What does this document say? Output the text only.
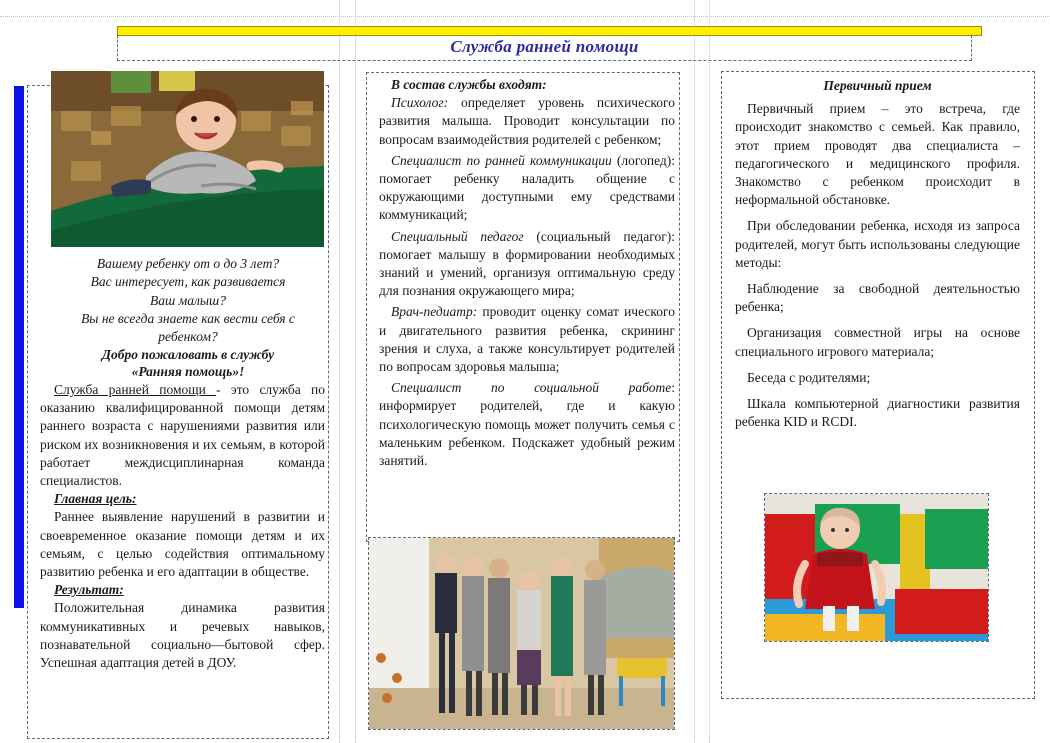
Служба ранней помощи
Вашему ребенку от о до 3 лет?
Вас интересует, как развивается
Ваш малыш?
Вы не всегда знаете как вести себя с
ребенком?
Добро пожаловать в службу
«Ранняя помощь»!

Служба ранней помощи - это служба по оказанию квалифицированной помощи детям раннего возраста с нарушениями развития или риском их возникновения и их семьям, в которой работает междисциплинарная команда специалистов.

Главная цель:

Раннее выявление нарушений в развитии и своевременное оказание помощи детям и их семьям, с целью содействия оптимальному развитию ребенка и его адаптации в обществе.

Результат:

Положительная динамика развития коммуникативных и речевых навыков, познавательной социально—бытовой сфер. Успешная адаптация детей в ДОУ.

В состав службы входят:

Психолог: определяет уровень психического развития малыша. Проводит консультации по вопросам взаимодействия родителей с ребенком;

Специалист по ранней коммуникации (логопед): помогает ребенку наладить общение с окружающими доступными ему средствами коммуникаций;

Специальный педагог (социальный педагог): помогает малышу в формировании необходимых знаний и умений, организуя оптимальную среду для познания окружающего мира;

Врач-педиатр: проводит оценку сомат ического и двигательного развития ребенка, скрининг зрения и слуха, а также консультирует родителей по вопросам здоровья малыша;

Специалист по социальной работе: информирует родителей, где и какую психологическую помощь может получить семья с маленьким ребенком. Подскажет удобный режим занятий.

Первичный прием

Первичный прием – это встреча, где происходит знакомство с семьей. Как правило, этот прием проводят два специалиста – педагогического и медицинского профиля. Знакомство с ребенком происходит в неформальной обстановке.

При обследовании ребенка, исходя из запроса родителей, могут быть использованы следующие методы:

Наблюдение за свободной деятельностью ребенка;

Организация совместной игры на основе специального игрового материала;

Беседа с родителями;

Шкала компьютерной диагностики развития ребенка KID и RCDI.
